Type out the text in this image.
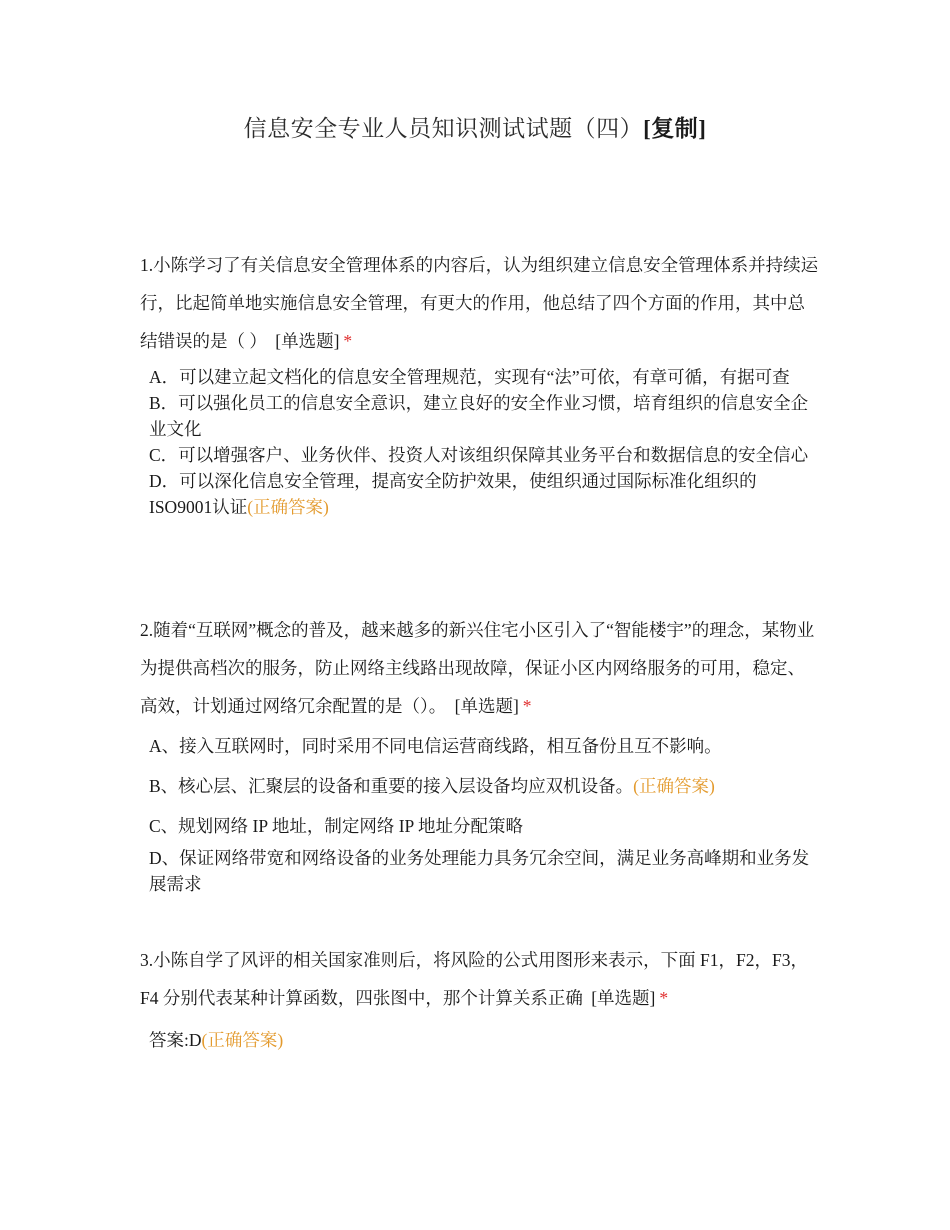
信息安全专业人员知识测试试题（四）[复制]

1.小陈学习了有关信息安全管理体系的内容后，认为组织建立信息安全管理体系并持续运行，比起简单地实施信息安全管理，有更大的作用，他总结了四个方面的作用，其中总结错误的是（ ） [单选题] *

A．可以建立起文档化的信息安全管理规范，实现有“法”可依，有章可循，有据可查
B．可以强化员工的信息安全意识，建立良好的安全作业习惯，培育组织的信息安全企业文化
C．可以增强客户、业务伙伴、投资人对该组织保障其业务平台和数据信息的安全信心
D．可以深化信息安全管理，提高安全防护效果，使组织通过国际标准化组织的ISO9001认证(正确答案)

2.随着“互联网”概念的普及，越来越多的新兴住宅小区引入了“智能楼宇”的理念，某物业为提供高档次的服务，防止网络主线路出现故障，保证小区内网络服务的可用，稳定、高效，计划通过网络冗余配置的是（）。 [单选题] *

A、接入互联网时，同时采用不同电信运营商线路，相互备份且互不影响。
B、核心层、汇聚层的设备和重要的接入层设备均应双机设备。(正确答案)
C、规划网络 IP 地址，制定网络 IP 地址分配策略
D、保证网络带宽和网络设备的业务处理能力具务冗余空间，满足业务高峰期和业务发展需求

3.小陈自学了风评的相关国家准则后，将风险的公式用图形来表示，下面 F1，F2，F3，F4 分别代表某种计算函数，四张图中，那个计算关系正确 [单选题] *

答案:D(正确答案)
